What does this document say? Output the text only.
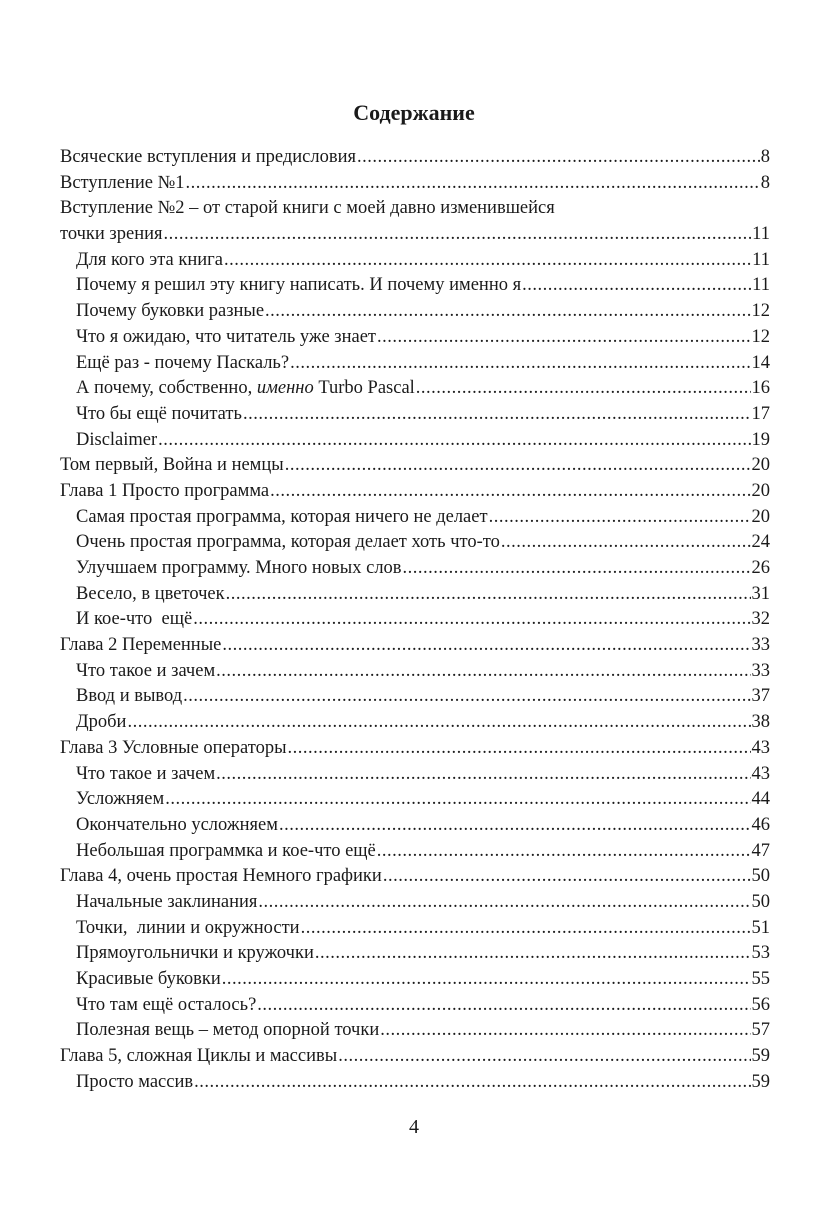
Содержание
Всяческие вступления и предисловия .....	8
Вступление №1 .....	8
Вступление №2 – от старой книги с моей давно изменившейся
точки зрения .....	11
Для кого эта книга .....	11
Почему я решил эту книгу написать. И почему именно я .....	11
Почему буковки разные .....	12
Что я ожидаю, что читатель уже знает .....	12
Ещё раз - почему Паскаль? .....	14
А почему, собственно, именно Turbo Pascal .....	16
Что бы ещё почитать .....	17
Disclaimer .....	19
Том первый, Война и немцы .....	20
Глава 1 Просто программа .....	20
Самая простая программа, которая ничего не делает .....	20
Очень простая программа, которая делает хоть что-то .....	24
Улучшаем программу. Много новых слов .....	26
Весело, в цветочек .....	31
И кое-что  ещё .....	32
Глава 2 Переменные .....	33
Что такое и зачем .....	33
Ввод и вывод .....	37
Дроби .....	38
Глава 3 Условные операторы .....	43
Что такое и зачем .....	43
Усложняем .....	44
Окончательно усложняем .....	46
Небольшая программка и кое-что ещё .....	47
Глава 4, очень простая Немного графики .....	50
Начальные заклинания .....	50
Точки,  линии и окружности .....	51
Прямоугольнички и кружочки .....	53
Красивые буковки .....	55
Что там ещё осталось? .....	56
Полезная вещь – метод опорной точки .....	57
Глава 5, сложная Циклы и массивы .....	59
Просто массив .....	59
4
